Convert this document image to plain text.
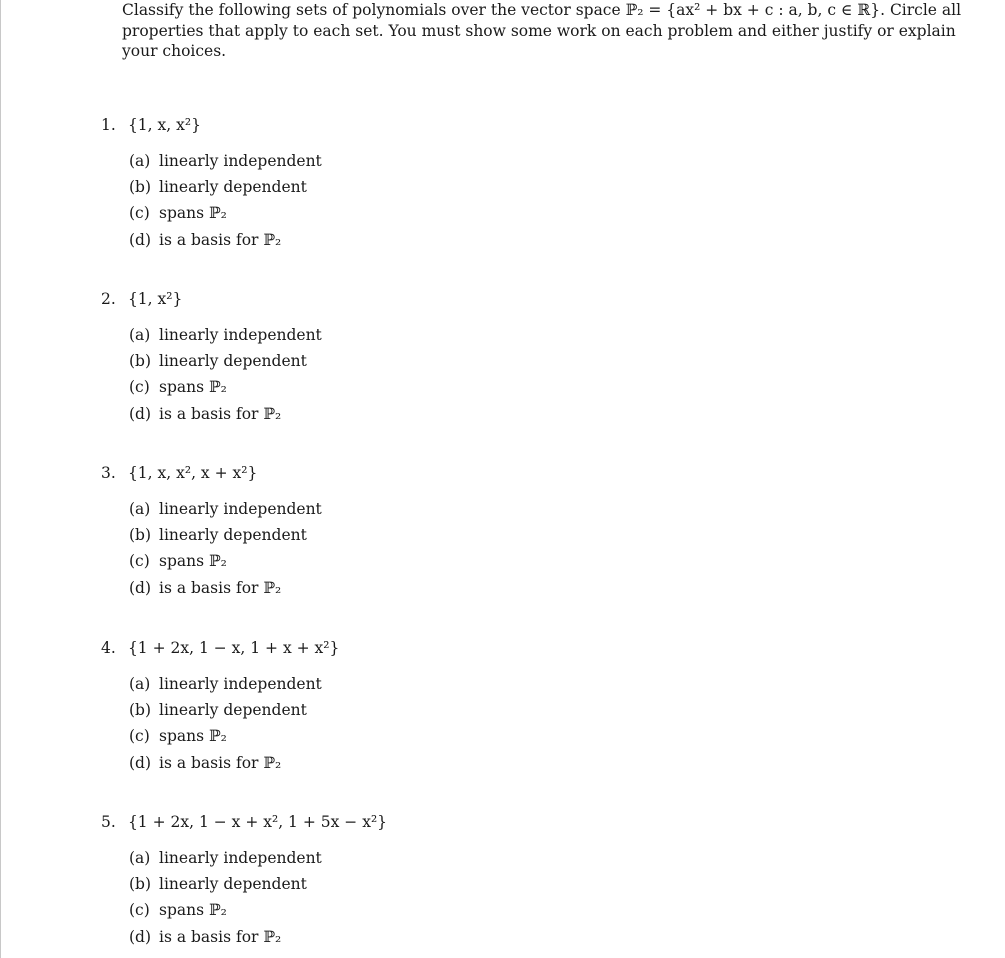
Classify the following sets of polynomials over the vector space ℙ₂ = {ax² + bx + c : a, b, c ∈ ℝ}. Circle all
properties that apply to each set. You must show some work on each problem and either justify or explain
your choices.
1. {1, x, x²}
(a) linearly independent
(b) linearly dependent
(c) spans ℙ₂
(d) is a basis for ℙ₂
2. {1, x²}
(a) linearly independent
(b) linearly dependent
(c) spans ℙ₂
(d) is a basis for ℙ₂
3. {1, x, x², x + x²}
(a) linearly independent
(b) linearly dependent
(c) spans ℙ₂
(d) is a basis for ℙ₂
4. {1 + 2x, 1 − x, 1 + x + x²}
(a) linearly independent
(b) linearly dependent
(c) spans ℙ₂
(d) is a basis for ℙ₂
5. {1 + 2x, 1 − x + x², 1 + 5x − x²}
(a) linearly independent
(b) linearly dependent
(c) spans ℙ₂
(d) is a basis for ℙ₂
